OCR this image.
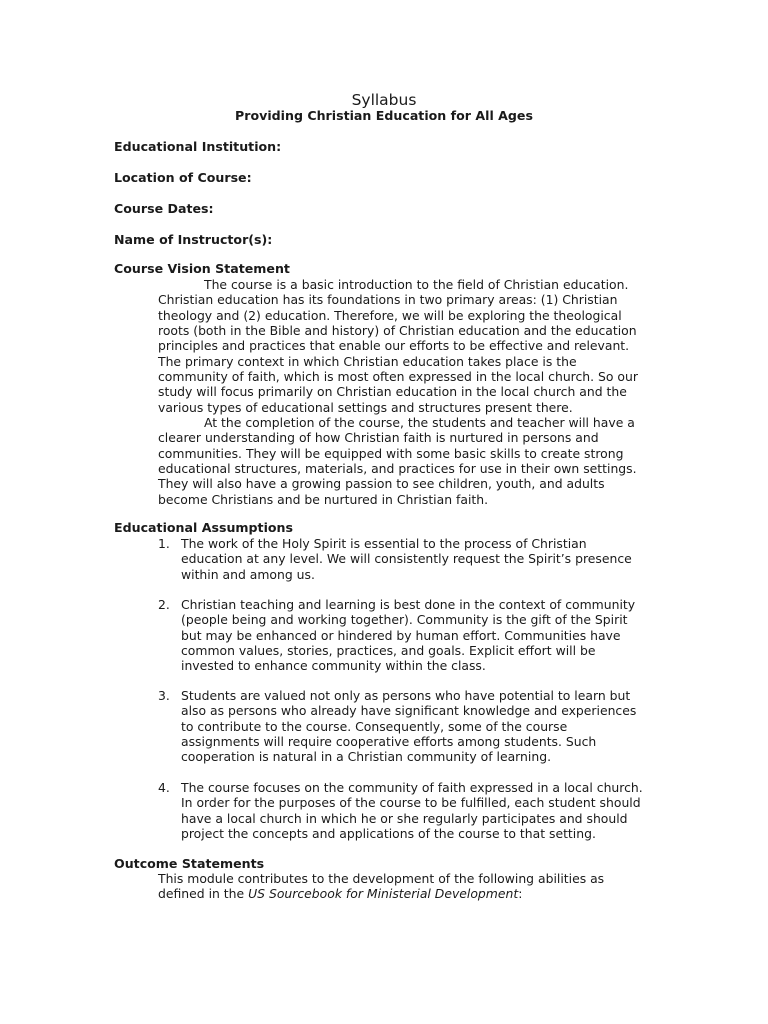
Syllabus
Providing Christian Education for All Ages
Educational Institution:
Location of Course:
Course Dates:
Name of Instructor(s):
Course Vision Statement
The course is a basic introduction to the field of Christian education.
Christian education has its foundations in two primary areas: (1) Christian
theology and (2) education. Therefore, we will be exploring the theological
roots (both in the Bible and history) of Christian education and the education
principles and practices that enable our efforts to be effective and relevant.
The primary context in which Christian education takes place is the
community of faith, which is most often expressed in the local church. So our
study will focus primarily on Christian education in the local church and the
various types of educational settings and structures present there.
At the completion of the course, the students and teacher will have a
clearer understanding of how Christian faith is nurtured in persons and
communities. They will be equipped with some basic skills to create strong
educational structures, materials, and practices for use in their own settings.
They will also have a growing passion to see children, youth, and adults
become Christians and be nurtured in Christian faith.
Educational Assumptions
1. The work of the Holy Spirit is essential to the process of Christian
education at any level. We will consistently request the Spirit’s presence
within and among us.
2. Christian teaching and learning is best done in the context of community
(people being and working together). Community is the gift of the Spirit
but may be enhanced or hindered by human effort. Communities have
common values, stories, practices, and goals. Explicit effort will be
invested to enhance community within the class.
3. Students are valued not only as persons who have potential to learn but
also as persons who already have significant knowledge and experiences
to contribute to the course. Consequently, some of the course
assignments will require cooperative efforts among students. Such
cooperation is natural in a Christian community of learning.
4. The course focuses on the community of faith expressed in a local church.
In order for the purposes of the course to be fulfilled, each student should
have a local church in which he or she regularly participates and should
project the concepts and applications of the course to that setting.
Outcome Statements
This module contributes to the development of the following abilities as
defined in the US Sourcebook for Ministerial Development:
